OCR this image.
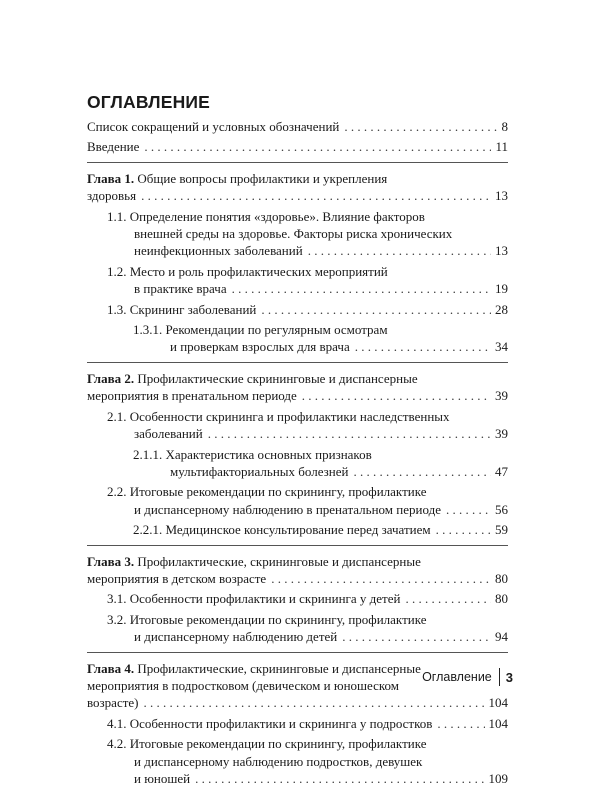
ОГЛАВЛЕНИЕ
Список сокращений и условных обозначений . . .	8
Введение . . .	11
Глава 1.
Общие вопросы профилактики и укрепления
здоровья . . .	13
1.1.
Определение понятия «здоровье». Влияние факторов
внешней среды на здоровье. Факторы риска хронических
неинфекционных заболеваний . . .	13
1.2.
Место и роль профилактических мероприятий
в практике врача . . .	19
1.3.
Скрининг заболеваний . . .	28
1.3.1.
Рекомендации по регулярным осмотрам
и проверкам взрослых для врача . . .	34
Глава 2.
Профилактические скрининговые и диспансерные
мероприятия в пренатальном периоде . . .	39
2.1.
Особенности скрининга и профилактики наследственных
заболеваний . . .	39
2.1.1.
Характеристика основных признаков
мультифакториальных болезней . . .	47
2.2.
Итоговые рекомендации по скринингу, профилактике
и диспансерному наблюдению в пренатальном периоде . . .	56
2.2.1.
Медицинское консультирование перед зачатием . . .	59
Глава 3.
Профилактические, скрининговые и диспансерные
мероприятия в детском возрасте . . .	80
3.1.
Особенности профилактики и скрининга у детей . . .	80
3.2.
Итоговые рекомендации по скринингу, профилактике
и диспансерному наблюдению детей . . .	94
Глава 4.
Профилактические, скрининговые и диспансерные
мероприятия в подростковом (девическом и юношеском
возрасте) . . .	104
4.1.
Особенности профилактики и скрининга у подростков . . .	104
4.2.
Итоговые рекомендации по скринингу, профилактике
и диспансерному наблюдению подростков, девушек
и юношей . . .	109
Оглавление 3
